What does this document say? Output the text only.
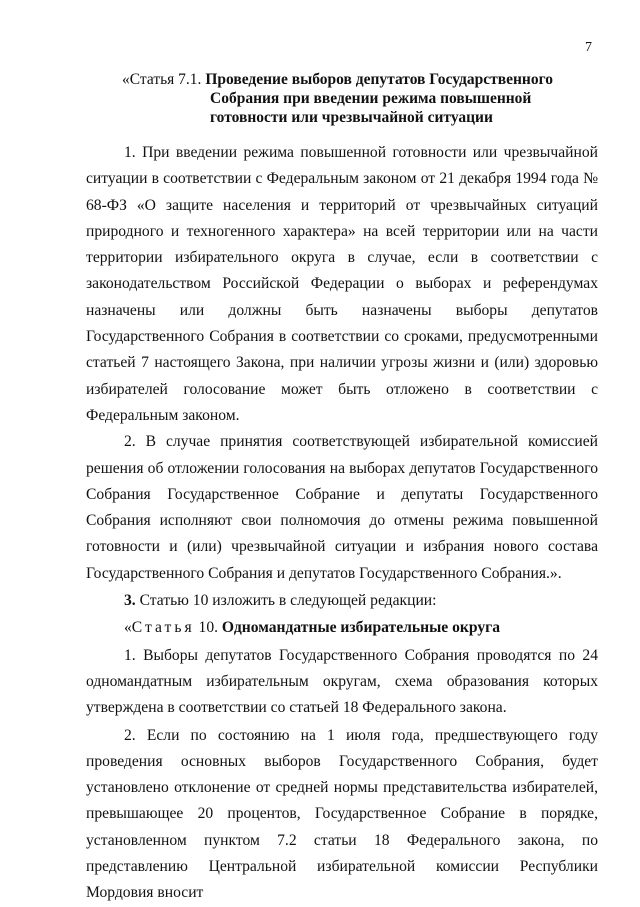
7
«Статья 7.1. Проведение выборов депутатов Государственного
Собрания при введении режима повышенной
готовности или чрезвычайной ситуации

1. При введении режима повышенной готовности или чрезвычайной ситуации в соответствии с Федеральным законом от 21 декабря 1994 года № 68-ФЗ «О защите населения и территорий от чрезвычайных ситуаций природного и техногенного характера» на всей территории или на части территории избирательного округа в случае, если в соответствии с законодательством Российской Федерации о выборах и референдумах назначены или должны быть назначены выборы депутатов Государственного Собрания в соответствии со сроками, предусмотренными статьей 7 настоящего Закона, при наличии угрозы жизни и (или) здоровью избирателей голосование может быть отложено в соответствии с Федеральным законом.

2. В случае принятия соответствующей избирательной комиссией решения об отложении голосования на выборах депутатов Государственного Собрания Государственное Собрание и депутаты Государственного Собрания исполняют свои полномочия до отмены режима повышенной готовности и (или) чрезвычайной ситуации и избрания нового состава Государственного Собрания и депутатов Государственного Собрания.».

3. Статью 10 изложить в следующей редакции:

«Статья 10. Одномандатные избирательные округа

1. Выборы депутатов Государственного Собрания проводятся по 24 одномандатным избирательным округам, схема образования которых утверждена в соответствии со статьей 18 Федерального закона.

2. Если по состоянию на 1 июля года, предшествующего году проведения основных выборов Государственного Собрания, будет установлено отклонение от средней нормы представительства избирателей, превышающее 20 процентов, Государственное Собрание в порядке, установленном пунктом 7.2 статьи 18 Федерального закона, по представлению Центральной избирательной комиссии Республики Мордовия вносит
